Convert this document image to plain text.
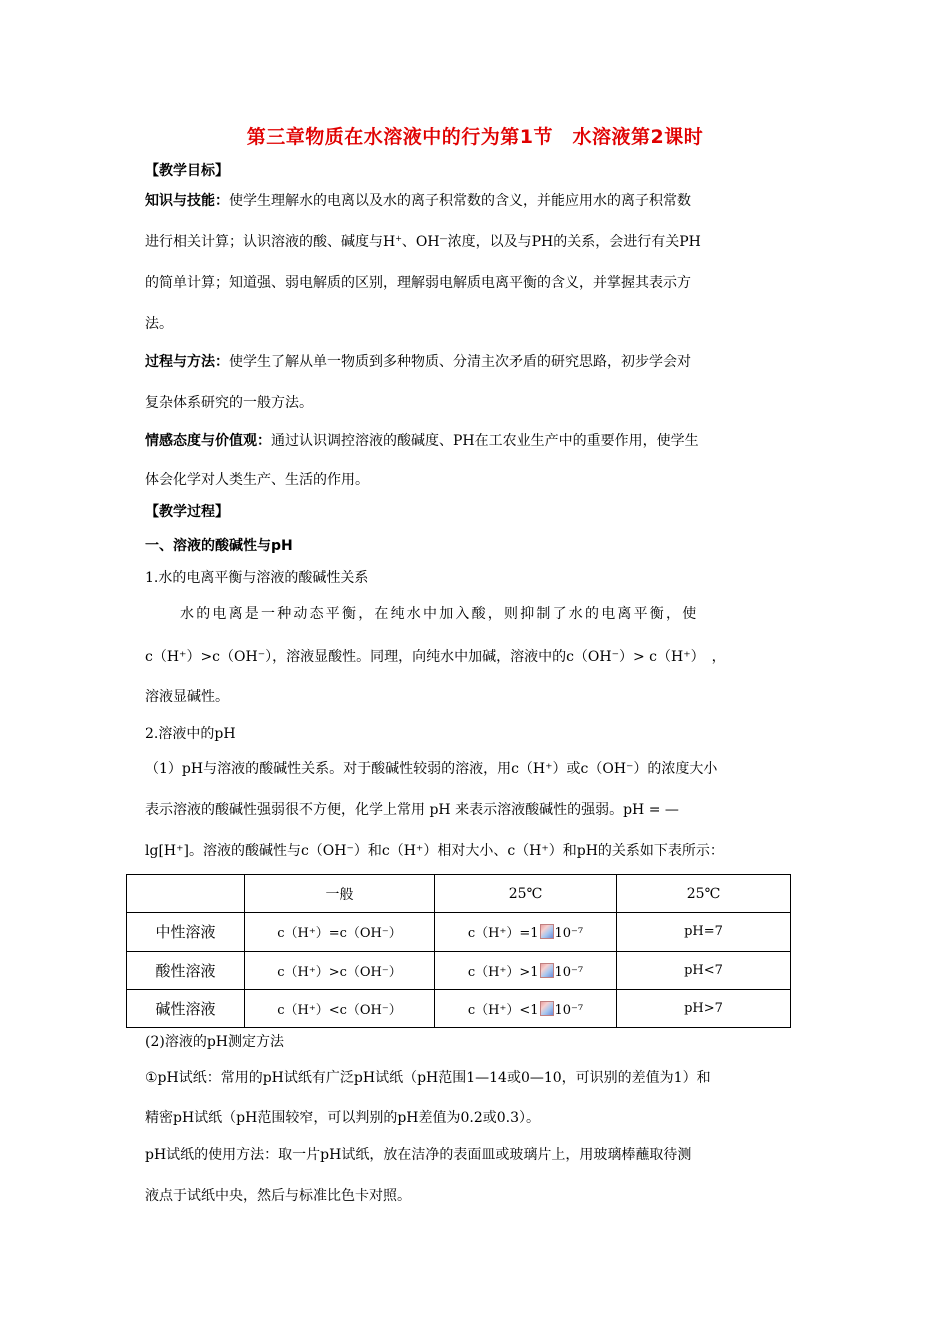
第三章物质在水溶液中的行为第1节　水溶液第2课时
【教学目标】
知识与技能：使学生理解水的电离以及水的离子积常数的含义，并能应用水的离子积常数
进行相关计算；认识溶液的酸、碱度与H+、OH—浓度，以及与PH的关系，会进行有关PH
的简单计算；知道强、弱电解质的区别，理解弱电解质电离平衡的含义，并掌握其表示方
法。
过程与方法：使学生了解从单一物质到多种物质、分清主次矛盾的研究思路，初步学会对
复杂体系研究的一般方法。
情感态度与价值观：通过认识调控溶液的酸碱度、PH在工农业生产中的重要作用，使学生
体会化学对人类生产、生活的作用。
【教学过程】
一、溶液的酸碱性与pH
1.水的电离平衡与溶液的酸碱性关系
水的电离是一种动态平衡，在纯水中加入酸，则抑制了水的电离平衡，使
c（H⁺）>c（OH⁻），溶液显酸性。同理，向纯水中加碱，溶液中的c（OH⁻）> c（H⁺）　，
溶液显碱性。
2.溶液中的pH
（1）pH与溶液的酸碱性关系。对于酸碱性较弱的溶液，用c（H⁺）或c（OH⁻）的浓度大小
表示溶液的酸碱性强弱很不方便，化学上常用 pH 来表示溶液酸碱性的强弱。pH = —
lg[H⁺]。溶液的酸碱性与c（OH⁻）和c（H⁺）相对大小、c（H⁺）和pH的关系如下表所示：
	一般	25℃	25℃
中性溶液	c（H⁺）=c（OH⁻）	c（H⁺）=1 10⁻⁷	pH=7
酸性溶液	c（H⁺）>c（OH⁻）	c（H⁺）>1 10⁻⁷	pH<7
碱性溶液	c（H⁺）<c（OH⁻）	c（H⁺）<1 10⁻⁷	pH>7
(2)溶液的pH测定方法
①pH试纸：常用的pH试纸有广泛pH试纸（pH范围1—14或0—10，可识别的差值为1）和
精密pH试纸（pH范围较窄，可以判别的pH差值为0.2或0.3）。
pH试纸的使用方法：取一片pH试纸，放在洁净的表面皿或玻璃片上，用玻璃棒蘸取待测
液点于试纸中央，然后与标准比色卡对照。
